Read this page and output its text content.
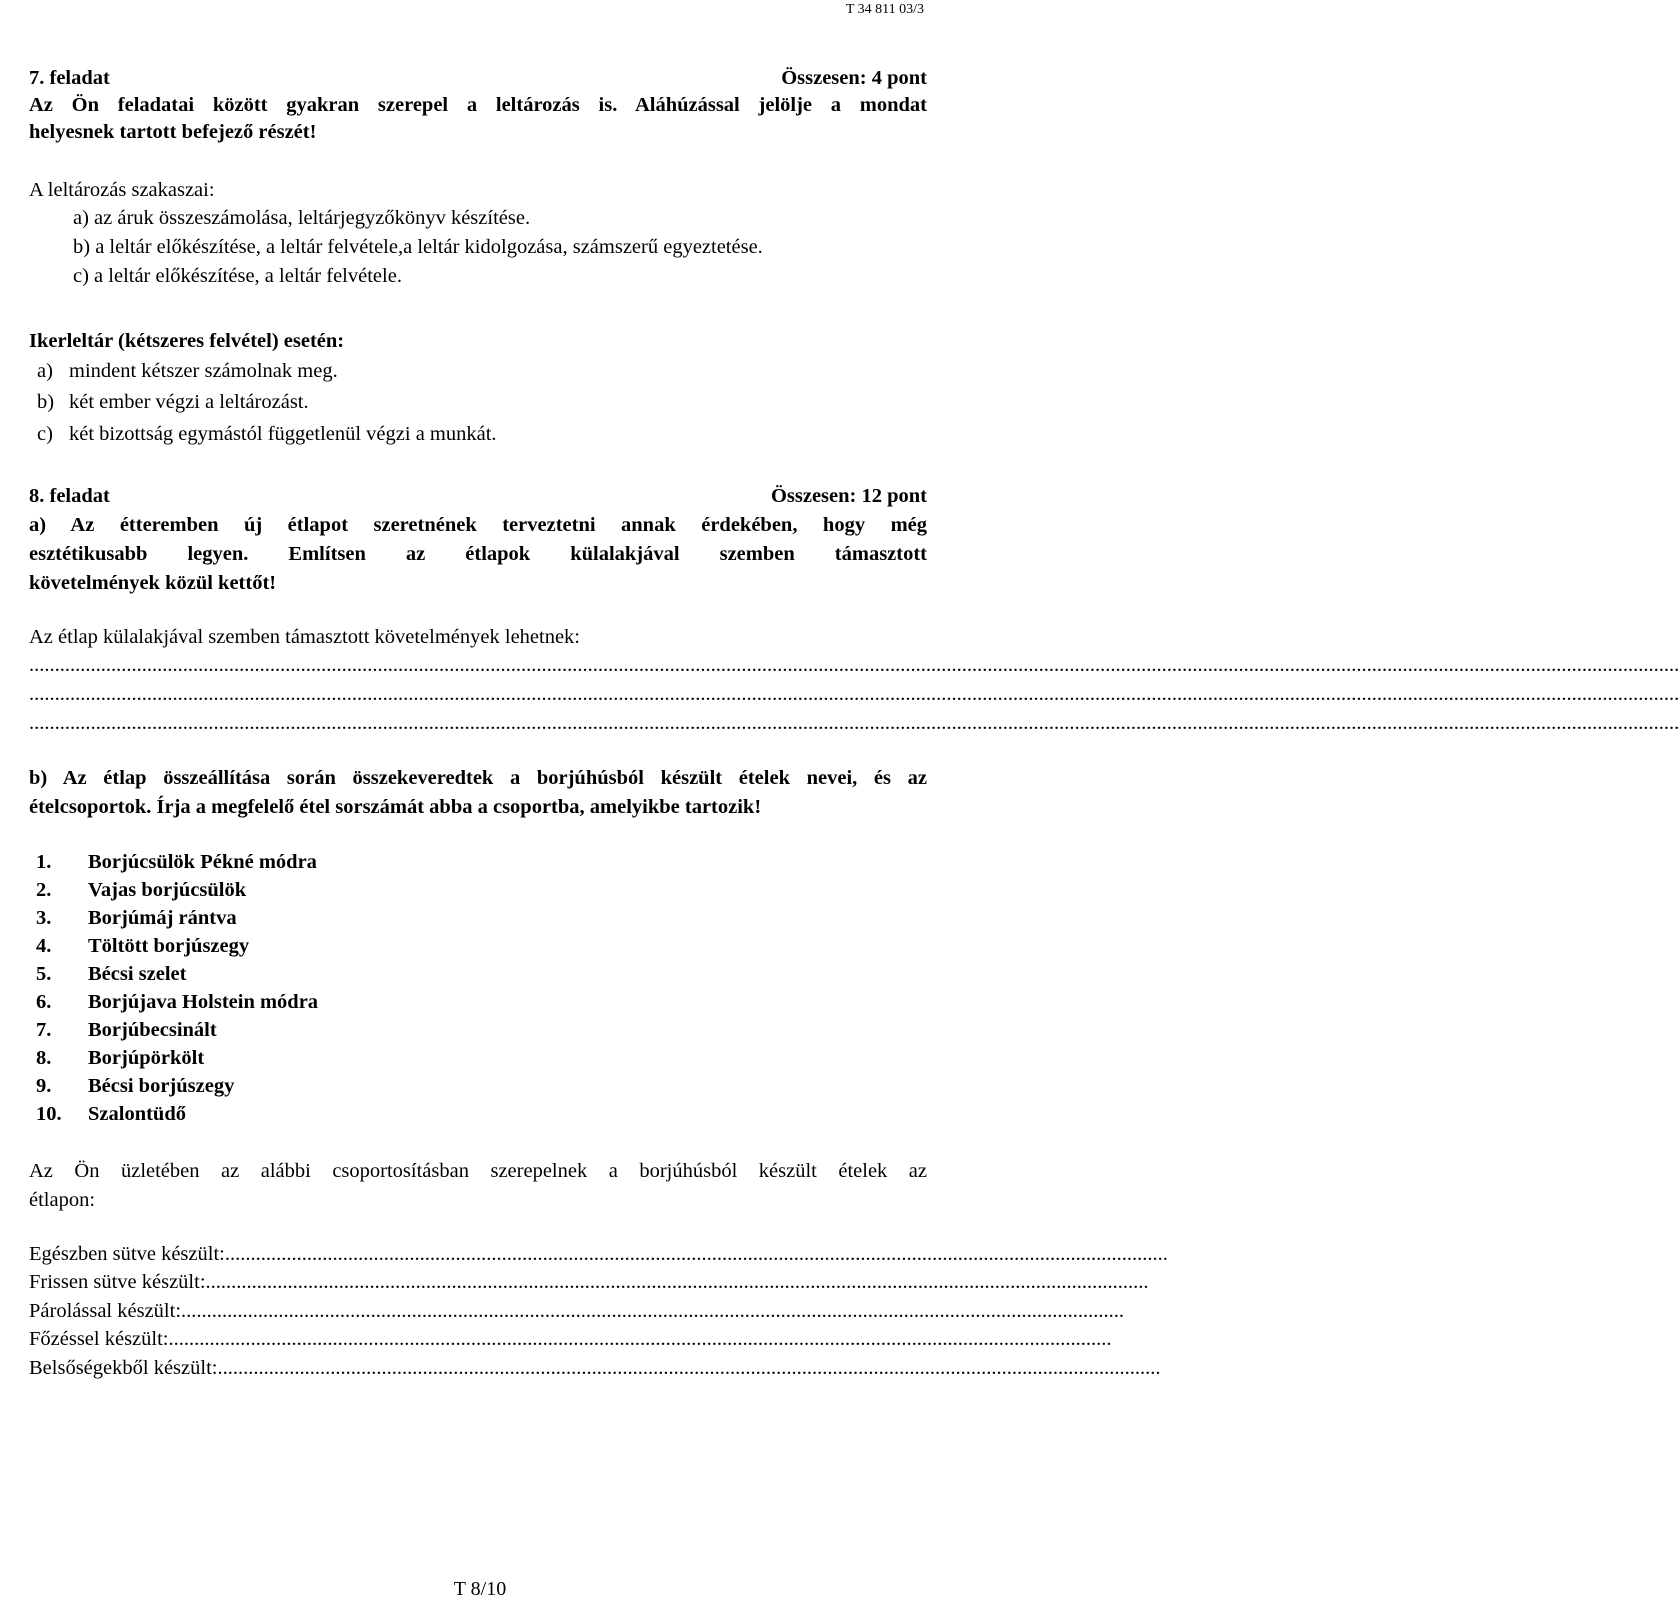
T 34 811 03/3
7. feladat	Összesen: 4 pont
Az Ön feladatai között gyakran szerepel a leltározás is. Aláhúzással jelölje a mondat
helyesnek tartott befejező részét!
A leltározás szakaszai:
a) az áruk összeszámolása, leltárjegyzőkönyv készítése.
b) a leltár előkészítése, a leltár felvétele,a leltár kidolgozása, számszerű egyeztetése.
c) a leltár előkészítése, a leltár felvétele.
Ikerleltár (kétszeres felvétel) esetén:
a) mindent kétszer számolnak meg.
b) két ember végzi a leltározást.
c) két bizottság egymástól függetlenül végzi a munkát.
8. feladat	Összesen: 12 pont
a) Az étteremben új étlapot szeretnének terveztetni annak érdekében, hogy még
esztétikusabb legyen. Említsen az étlapok külalakjával szemben támasztott
követelmények közül kettőt!
Az étlap külalakjával szemben támasztott követelmények lehetnek:
..................................................................................................................................................................................................................................................................................................................................
..................................................................................................................................................................................................................................................................................................................................
..................................................................................................................................................................................................................................................................................................................................
b) Az étlap összeállítása során összekeveredtek a borjúhúsból készült ételek nevei, és az
ételcsoportok. Írja a megfelelő étel sorszámát abba a csoportba, amelyikbe tartozik!
1. Borjúcsülök Pékné módra
2. Vajas borjúcsülök
3. Borjúmáj rántva
4. Töltött borjúszegy
5. Bécsi szelet
6. Borjújava Holstein módra
7. Borjúbecsinált
8. Borjúpörkölt
9. Bécsi borjúszegy
10. Szalontüdő
Az Ön üzletében az alábbi csoportosításban szerepelnek a borjúhúsból készült ételek az
étlapon:
Egészben sütve készült:........................................................................................................................................................................................
Frissen sütve készült:........................................................................................................................................................................................
Párolással készült:........................................................................................................................................................................................
Főzéssel készült:........................................................................................................................................................................................
Belsőségekből készült:........................................................................................................................................................................................
T 8/10
